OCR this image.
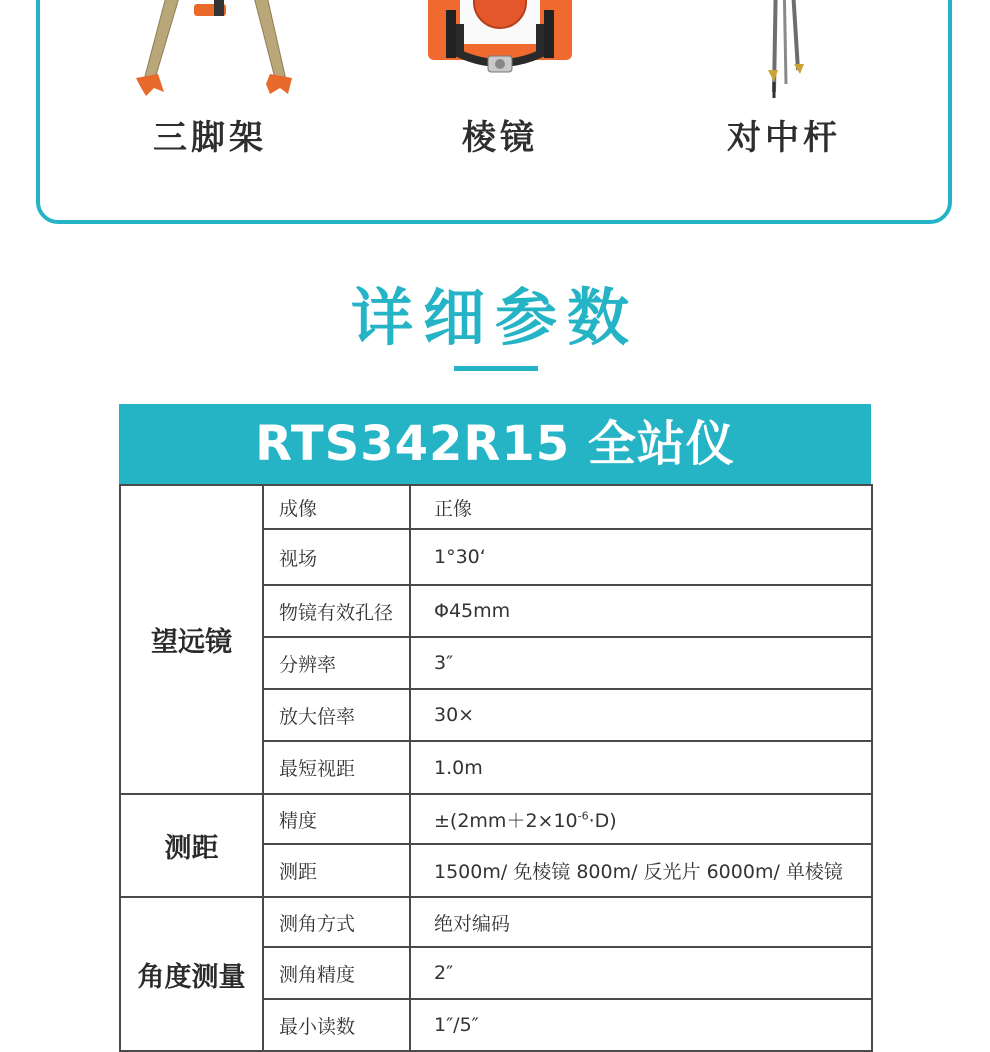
三脚架	棱镜	对中杆
详细参数
RTS342R15 全站仪
望远镜	成像	正像
	视场	1°30‘
	物镜有效孔径	Φ45mm
	分辨率	3″
	放大倍率	30×
	最短视距	1.0m
测距	精度	$\pm(2mm+2\times 10^{-6}\cdot D)$
	测距	1500m/ 免棱镜 800m/ 反光片 6000m/ 单棱镜
角度测量	测角方式	绝对编码
	测角精度	2″
	最小读数	1″/5″
